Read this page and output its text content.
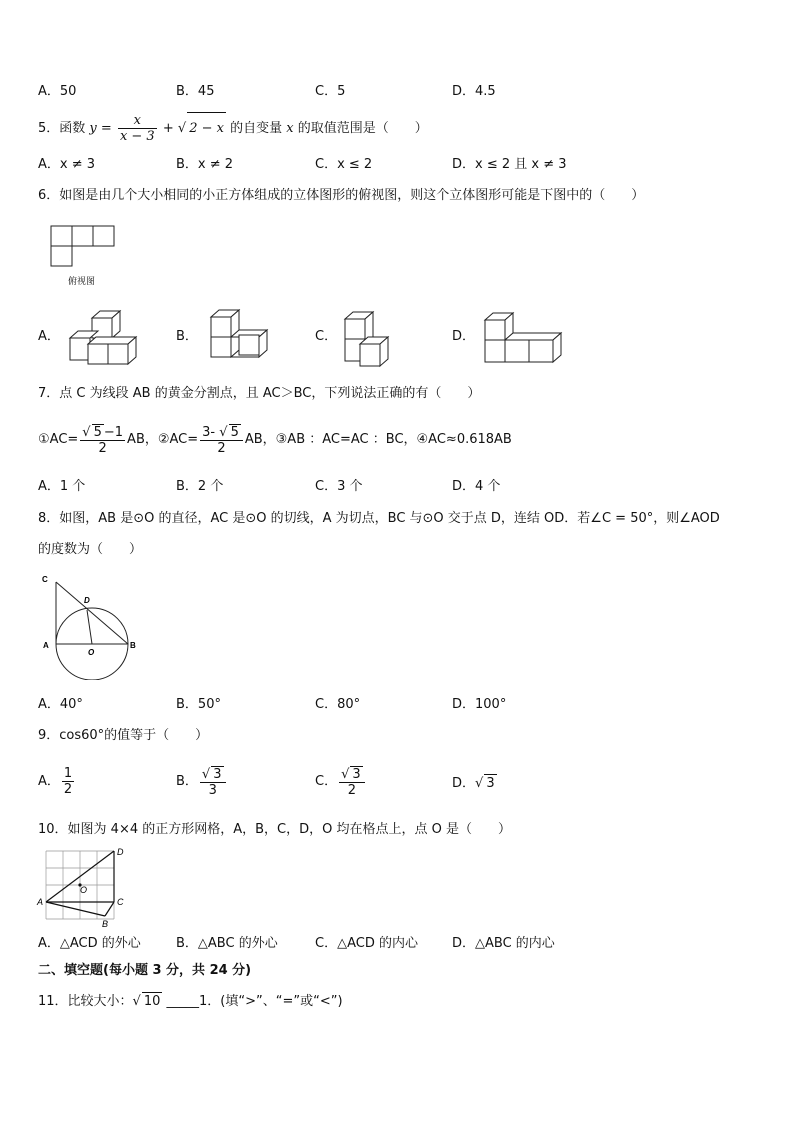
A．50	B．45	C．5	D．4.5
5．函数 $y = \frac{x}{x - 3}$ + √ 2 − x 的自变量 x 的取值范围是（　　）
A．x ≠ 3	B．x ≠ 2	C．x ≤ 2	D．x ≤ 2 且 x ≠ 3
6．如图是由几个大小相同的小正方体组成的立体图形的俯视图，则这个立体图形可能是下图中的（　　）
俯视图
A．	B．	C．	D．
7．点 C 为线段 AB 的黄金分割点，且 AC＞BC，下列说法正确的有（　　）
①AC= $\frac{√ 5 -1}{2}$ AB，②AC= $\frac{3- √ 5}{2}$ AB，③AB ：AC=AC ：BC，④AC≈0.618AB
A．1 个	B．2 个	C．3 个	D．4 个
8．如图，AB 是⊙O 的直径，AC 是⊙O 的切线，A 为切点，BC 与⊙O 交于点 D，连结 OD．若∠C = 50°，则∠AOD
的度数为（　　）
C
D
A
O
B
A．40°	B．50°	C．80°	D．100°
9．cos60°的值等于（　　）
A． $\frac{1}{2}$	B． $\frac{√ 3}{3}$	C． $\frac{√ 3}{2}$	D．√ 3
10．如图为 4×4 的正方形网格，A，B，C，D，O 均在格点上，点 O 是（　　）
D
O
A	C
B
A．△ACD 的外心	B．△ABC 的外心	C．△ACD 的内心	D．△ABC 的内心
二、填空题(每小题 3 分，共 24 分)
11．比较大小：√ 10 _____1．(填“>”、“=”或“<”)
